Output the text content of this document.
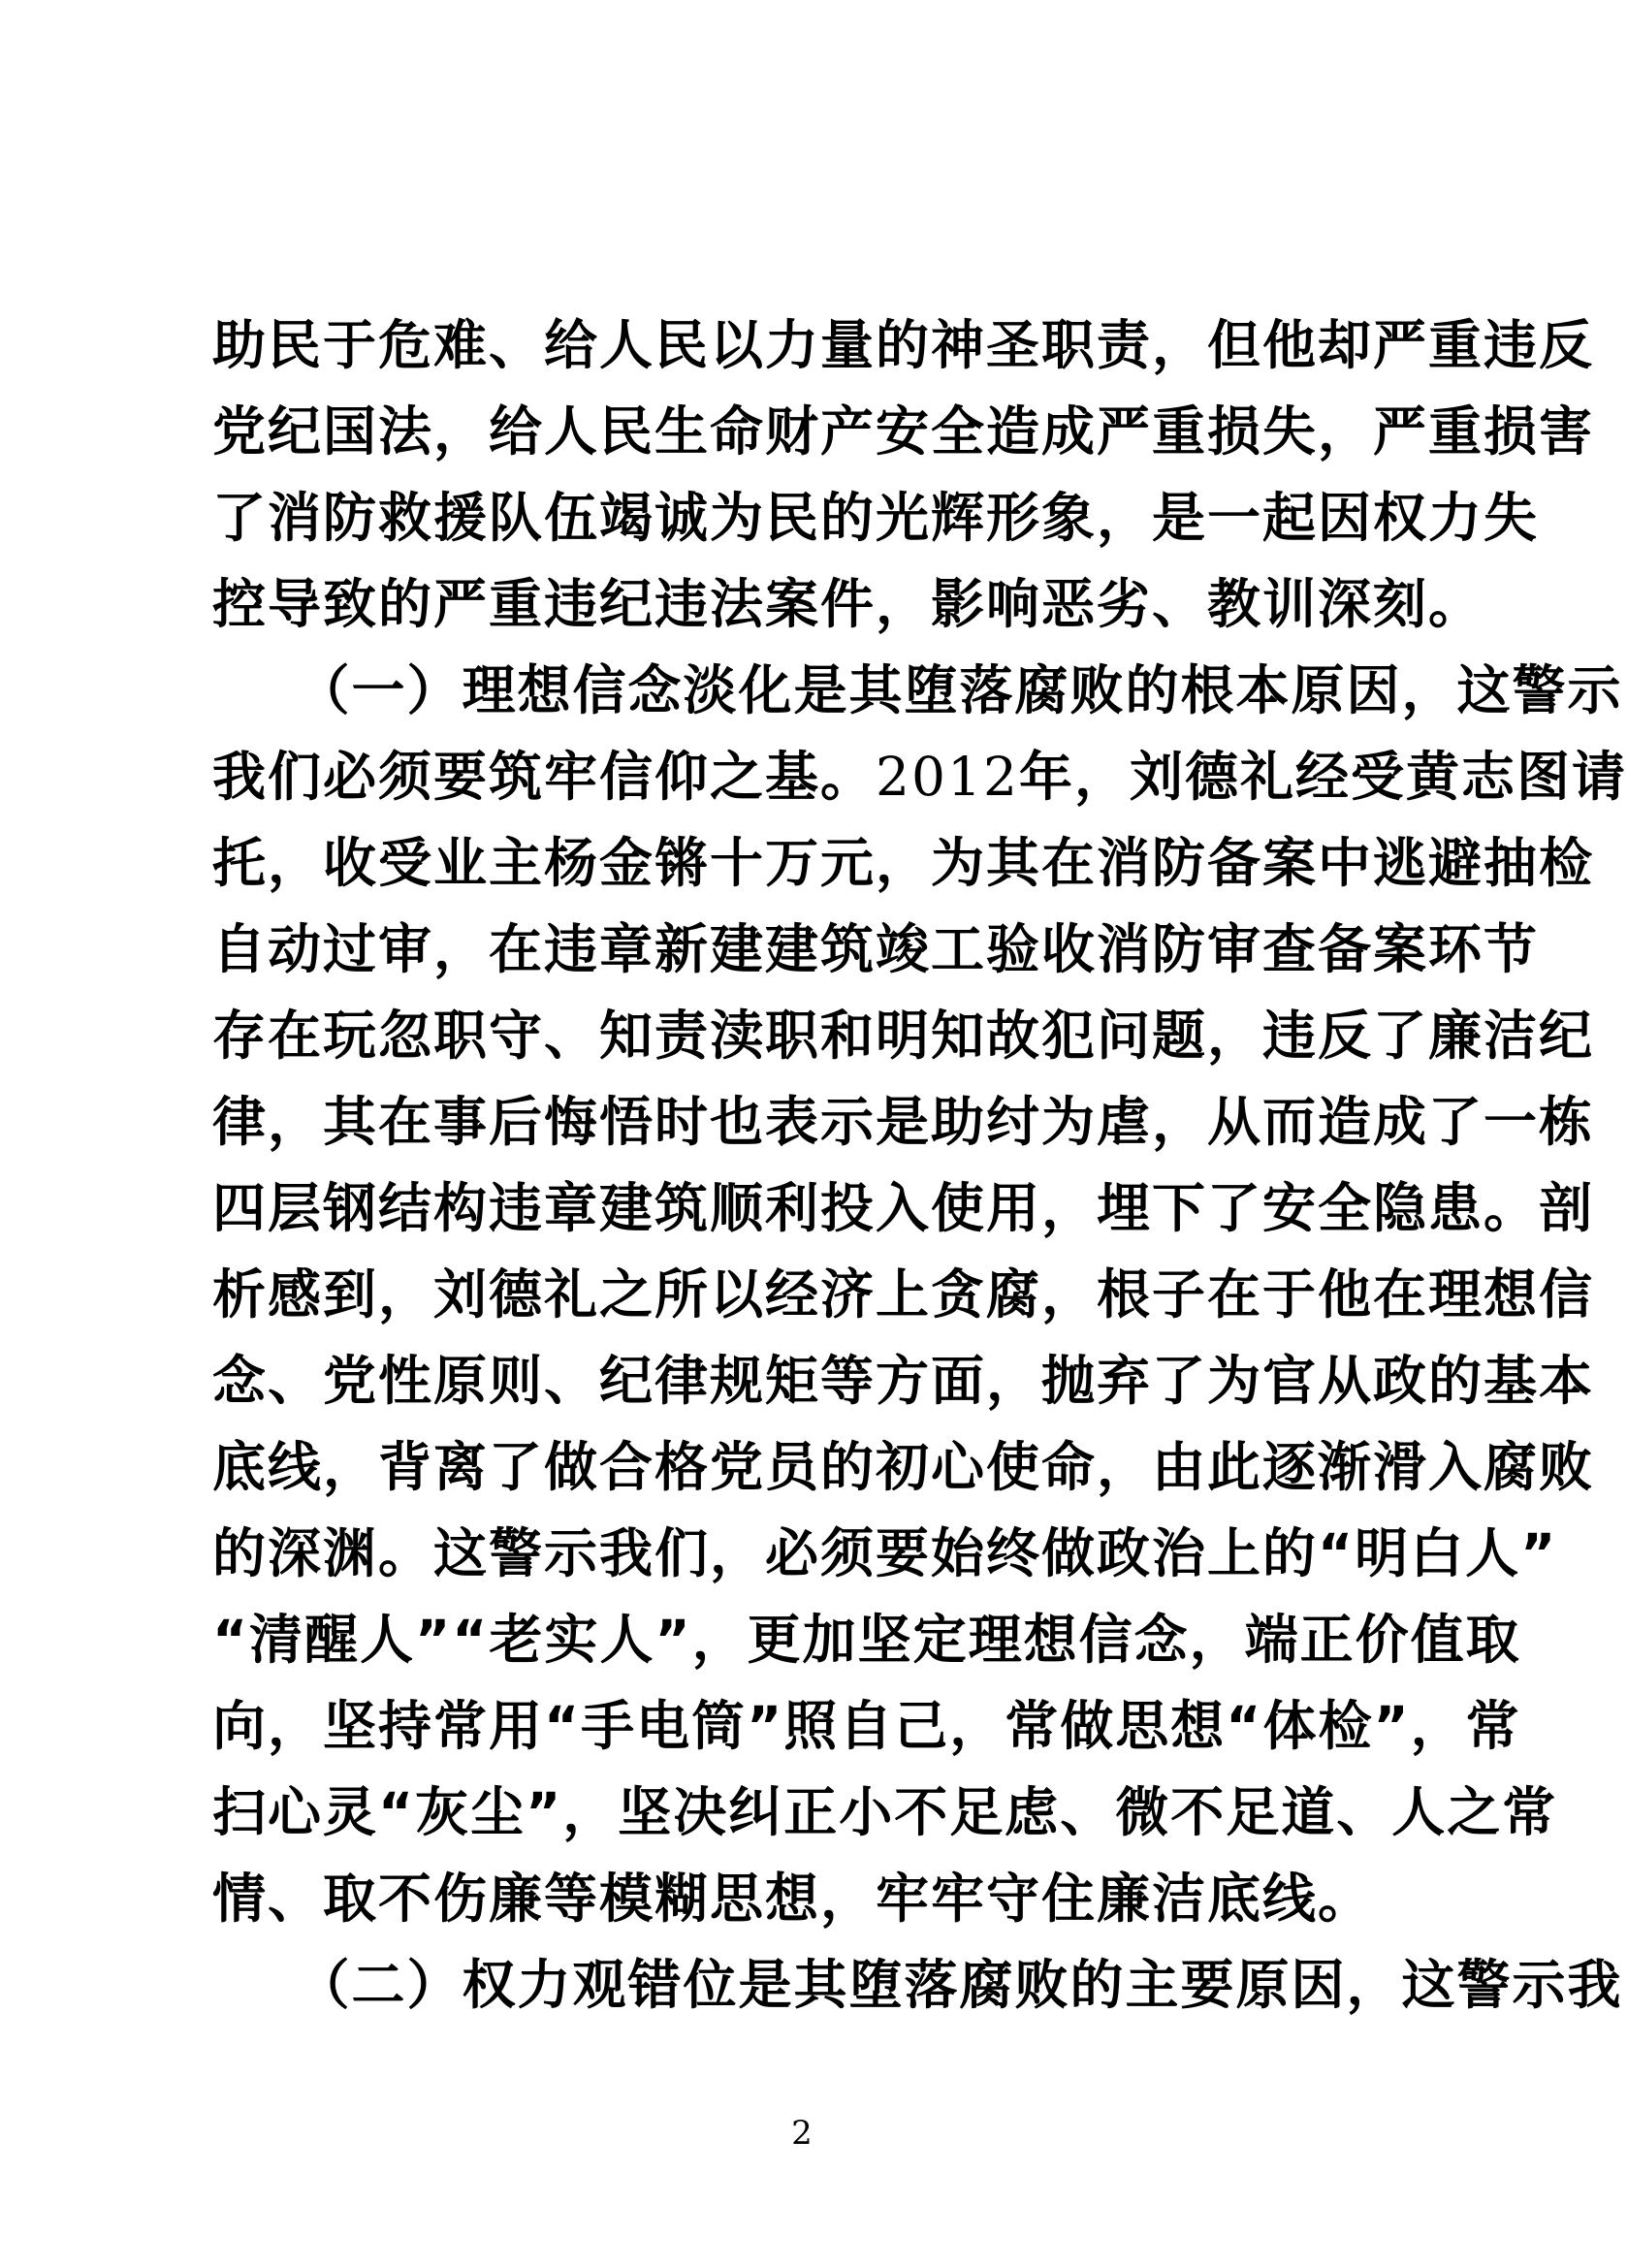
助民于危难、给人民以力量的神圣职责，但他却严重违反
党纪国法，给人民生命财产安全造成严重损失，严重损害
了消防救援队伍竭诚为民的光辉形象，是一起因权力失
控导致的严重违纪违法案件，影响恶劣、教训深刻。
　　（一）理想信念淡化是其堕落腐败的根本原因，这警示
我们必须要筑牢信仰之基。2012年，刘德礼经受黄志图请
托，收受业主杨金锵十万元，为其在消防备案中逃避抽检
自动过审，在违章新建建筑竣工验收消防审查备案环节
存在玩忽职守、知责渎职和明知故犯问题，违反了廉洁纪
律，其在事后悔悟时也表示是助纣为虐，从而造成了一栋
四层钢结构违章建筑顺利投入使用，埋下了安全隐患。剖
析感到，刘德礼之所以经济上贪腐，根子在于他在理想信
念、党性原则、纪律规矩等方面，抛弃了为官从政的基本
底线，背离了做合格党员的初心使命，由此逐渐滑入腐败
的深渊。这警示我们，必须要始终做政治上的“明白人”
“清醒人”“老实人”，更加坚定理想信念，端正价值取
向，坚持常用“手电筒”照自己，常做思想“体检”，常
扫心灵“灰尘”，坚决纠正小不足虑、微不足道、人之常
情、取不伤廉等模糊思想，牢牢守住廉洁底线。
　　（二）权力观错位是其堕落腐败的主要原因，这警示我
2
